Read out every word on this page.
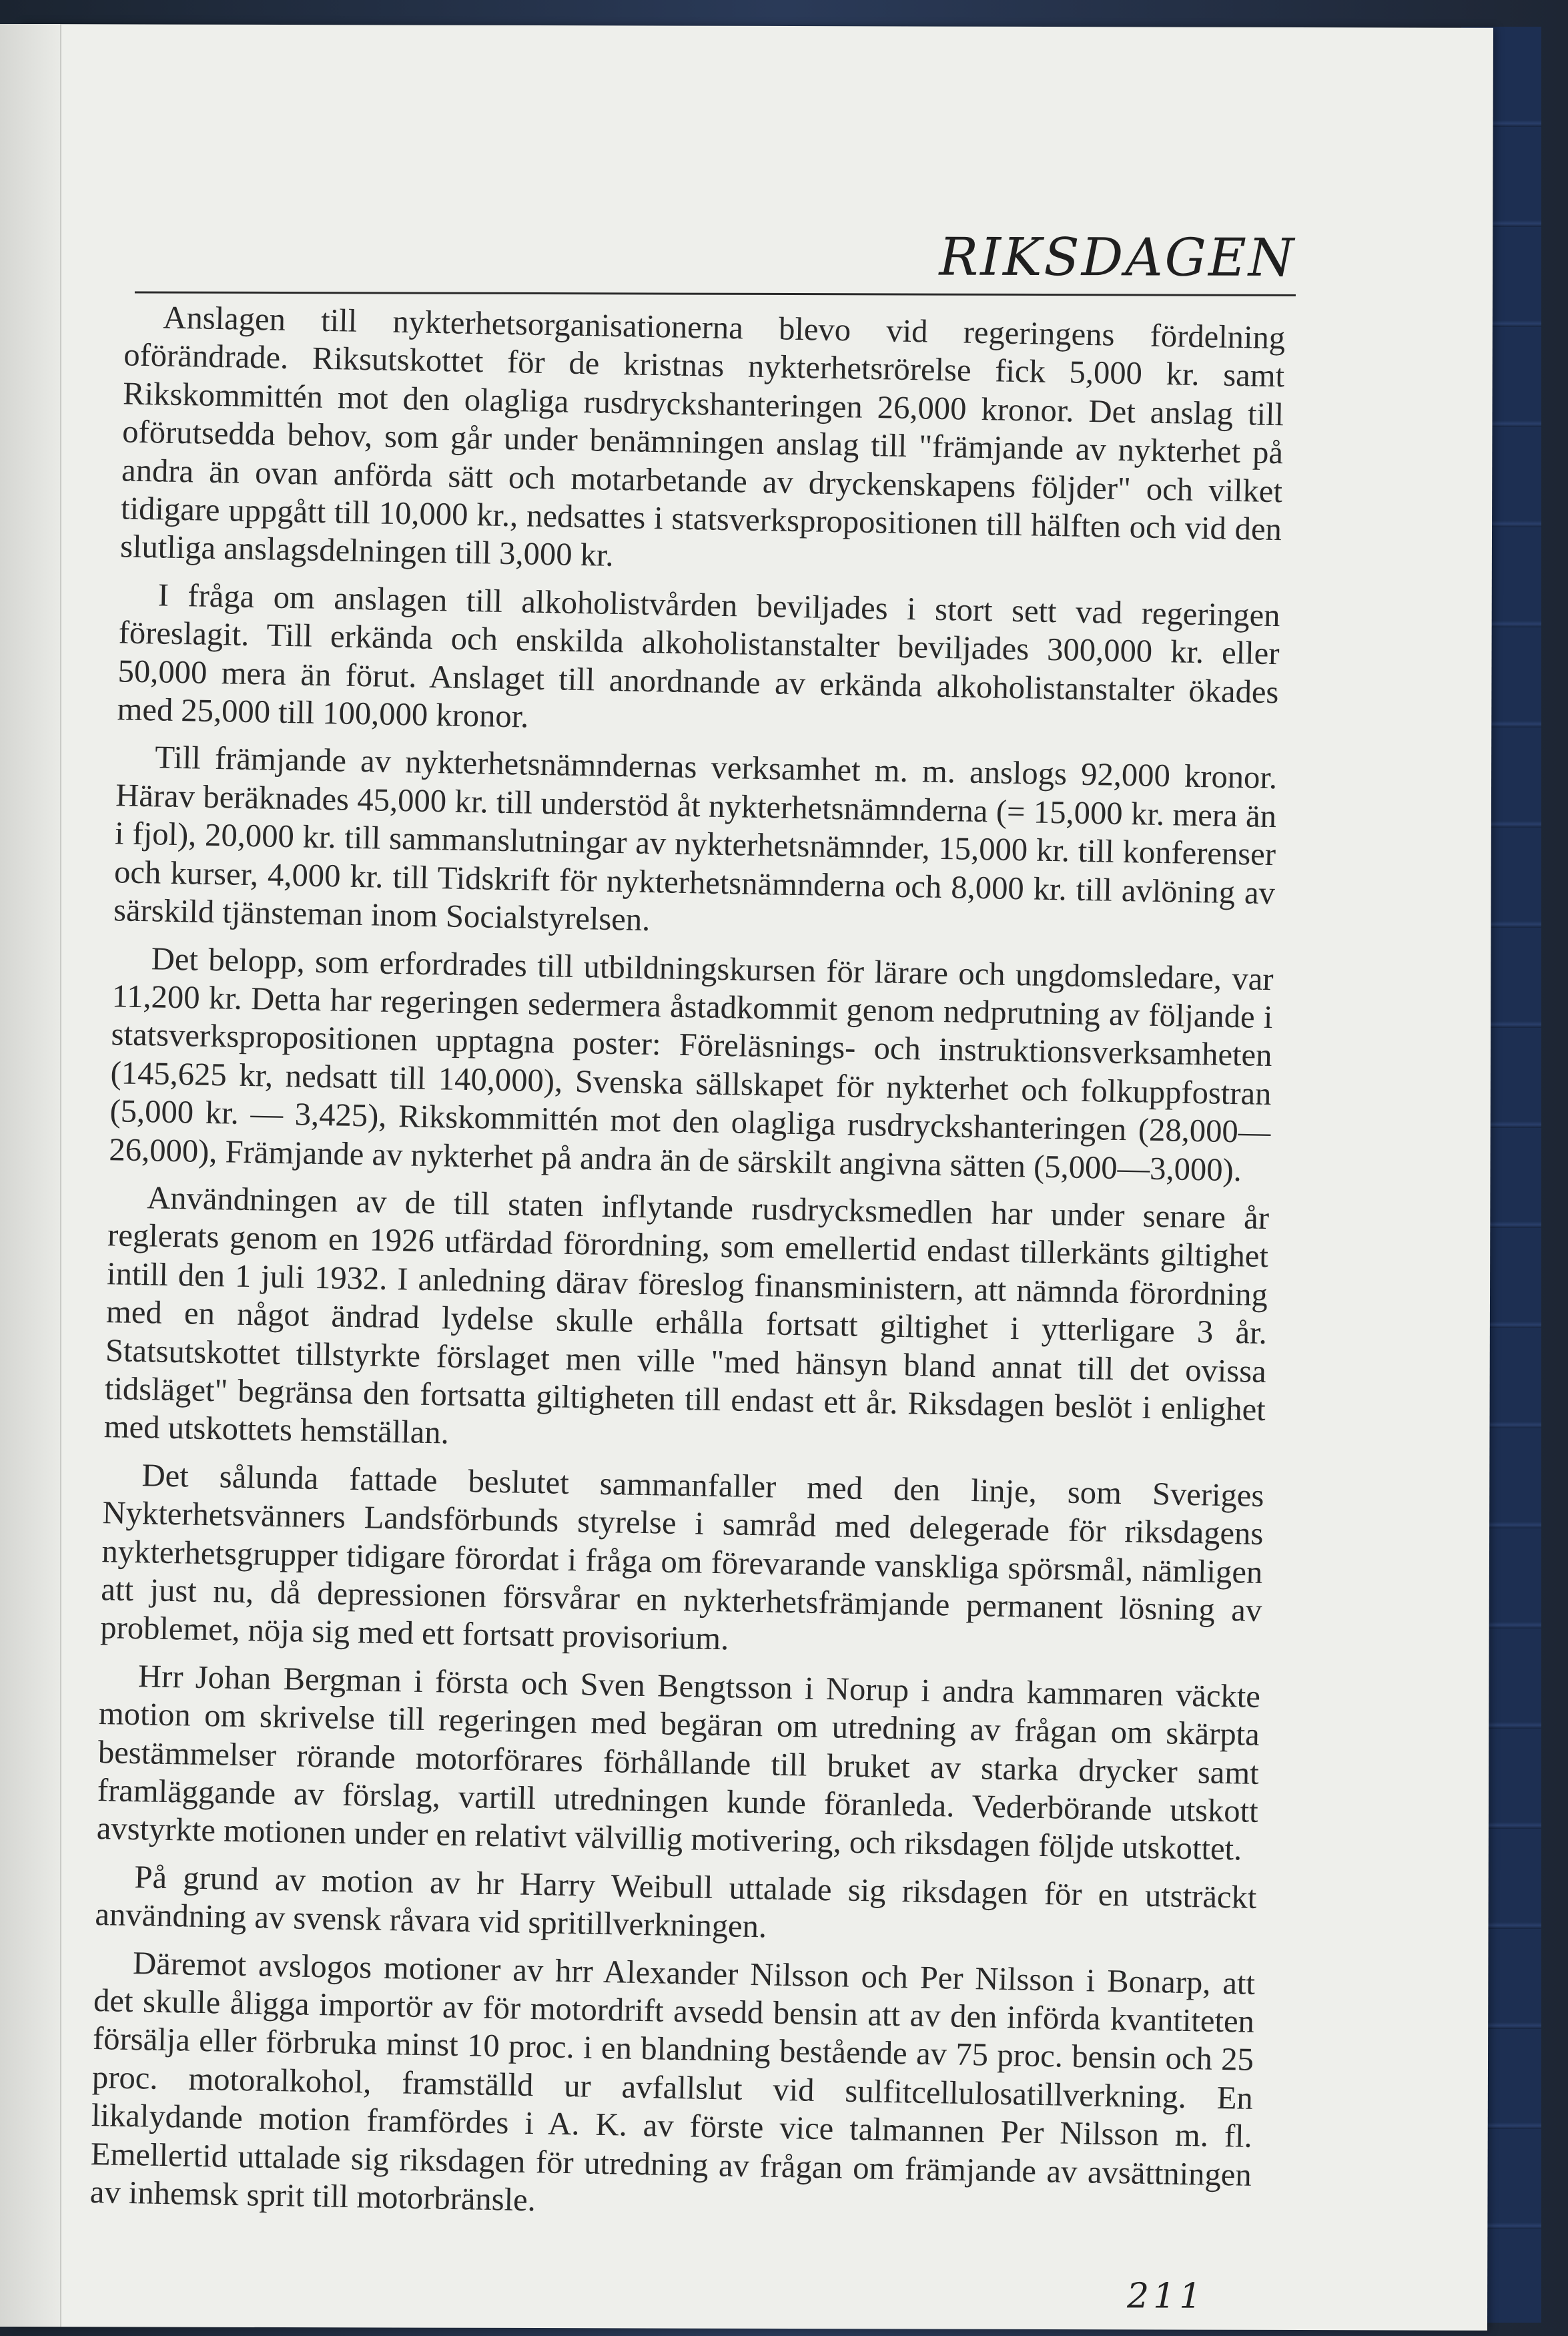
RIKSDAGEN

Anslagen till nykterhetsorganisationerna blevo vid regeringens fördelning oförändrade. Riksutskottet för de kristnas nykterhetsrörelse fick 5,000 kr. samt Rikskommittén mot den olagliga rusdryckshanteringen 26,000 kronor. Det anslag till oförutsedda behov, som går under benämningen anslag till "främjande av nykterhet på andra än ovan anförda sätt och motarbetande av dryckenskapens följder" och vilket tidigare uppgått till 10,000 kr., nedsattes i statsverkspropositionen till hälften och vid den slutliga anslagsdelningen till 3,000 kr.

I fråga om anslagen till alkoholistvården beviljades i stort sett vad regeringen föreslagit. Till erkända och enskilda alkoholistanstalter beviljades 300,000 kr. eller 50,000 mera än förut. Anslaget till anordnande av erkända alkoholistanstalter ökades med 25,000 till 100,000 kronor.

Till främjande av nykterhetsnämndernas verksamhet m. m. anslogs 92,000 kronor. Härav beräknades 45,000 kr. till understöd åt nykterhetsnämnderna (= 15,000 kr. mera än i fjol), 20,000 kr. till sammanslutningar av nykterhetsnämnder, 15,000 kr. till konferenser och kurser, 4,000 kr. till Tidskrift för nykterhetsnämnderna och 8,000 kr. till avlöning av särskild tjänsteman inom Socialstyrelsen.

Det belopp, som erfordrades till utbildningskursen för lärare och ungdomsledare, var 11,200 kr. Detta har regeringen sedermera åstadkommit genom nedprutning av följande i statsverkspropositionen upptagna poster: Föreläsnings- och instruktionsverksamheten (145,625 kr, nedsatt till 140,000), Svenska sällskapet för nykterhet och folkuppfostran (5,000 kr. — 3,425), Rikskommittén mot den olagliga rusdryckshanteringen (28,000—26,000), Främjande av nykterhet på andra än de särskilt angivna sätten (5,000—3,000).

Användningen av de till staten inflytande rusdrycksmedlen har under senare år reglerats genom en 1926 utfärdad förordning, som emellertid endast tillerkänts giltighet intill den 1 juli 1932. I anledning därav föreslog finansministern, att nämnda förordning med en något ändrad lydelse skulle erhålla fortsatt giltighet i ytterligare 3 år. Statsutskottet tillstyrkte förslaget men ville "med hänsyn bland annat till det ovissa tidsläget" begränsa den fortsatta giltigheten till endast ett år. Riksdagen beslöt i enlighet med utskottets hemställan.

Det sålunda fattade beslutet sammanfaller med den linje, som Sveriges Nykterhetsvänners Landsförbunds styrelse i samråd med delegerade för riksdagens nykterhetsgrupper tidigare förordat i fråga om förevarande vanskliga spörsmål, nämligen att just nu, då depressionen försvårar en nykterhetsfrämjande permanent lösning av problemet, nöja sig med ett fortsatt provisorium.

Hrr Johan Bergman i första och Sven Bengtsson i Norup i andra kammaren väckte motion om skrivelse till regeringen med begäran om utredning av frågan om skärpta bestämmelser rörande motorförares förhållande till bruket av starka drycker samt framläggande av förslag, vartill utredningen kunde föranleda. Vederbörande utskott avstyrkte motionen under en relativt välvillig motivering, och riksdagen följde utskottet.

På grund av motion av hr Harry Weibull uttalade sig riksdagen för en utsträckt användning av svensk råvara vid spritillverkningen.

Däremot avslogos motioner av hrr Alexander Nilsson och Per Nilsson i Bonarp, att det skulle åligga importör av för motordrift avsedd bensin att av den införda kvantiteten försälja eller förbruka minst 10 proc. i en blandning bestående av 75 proc. bensin och 25 proc. motoralkohol, framställd ur avfallslut vid sulfitcellulosatillverkning. En likalydande motion framfördes i A. K. av förste vice talmannen Per Nilsson m. fl. Emellertid uttalade sig riksdagen för utredning av frågan om främjande av avsättningen av inhemsk sprit till motorbränsle.

211
